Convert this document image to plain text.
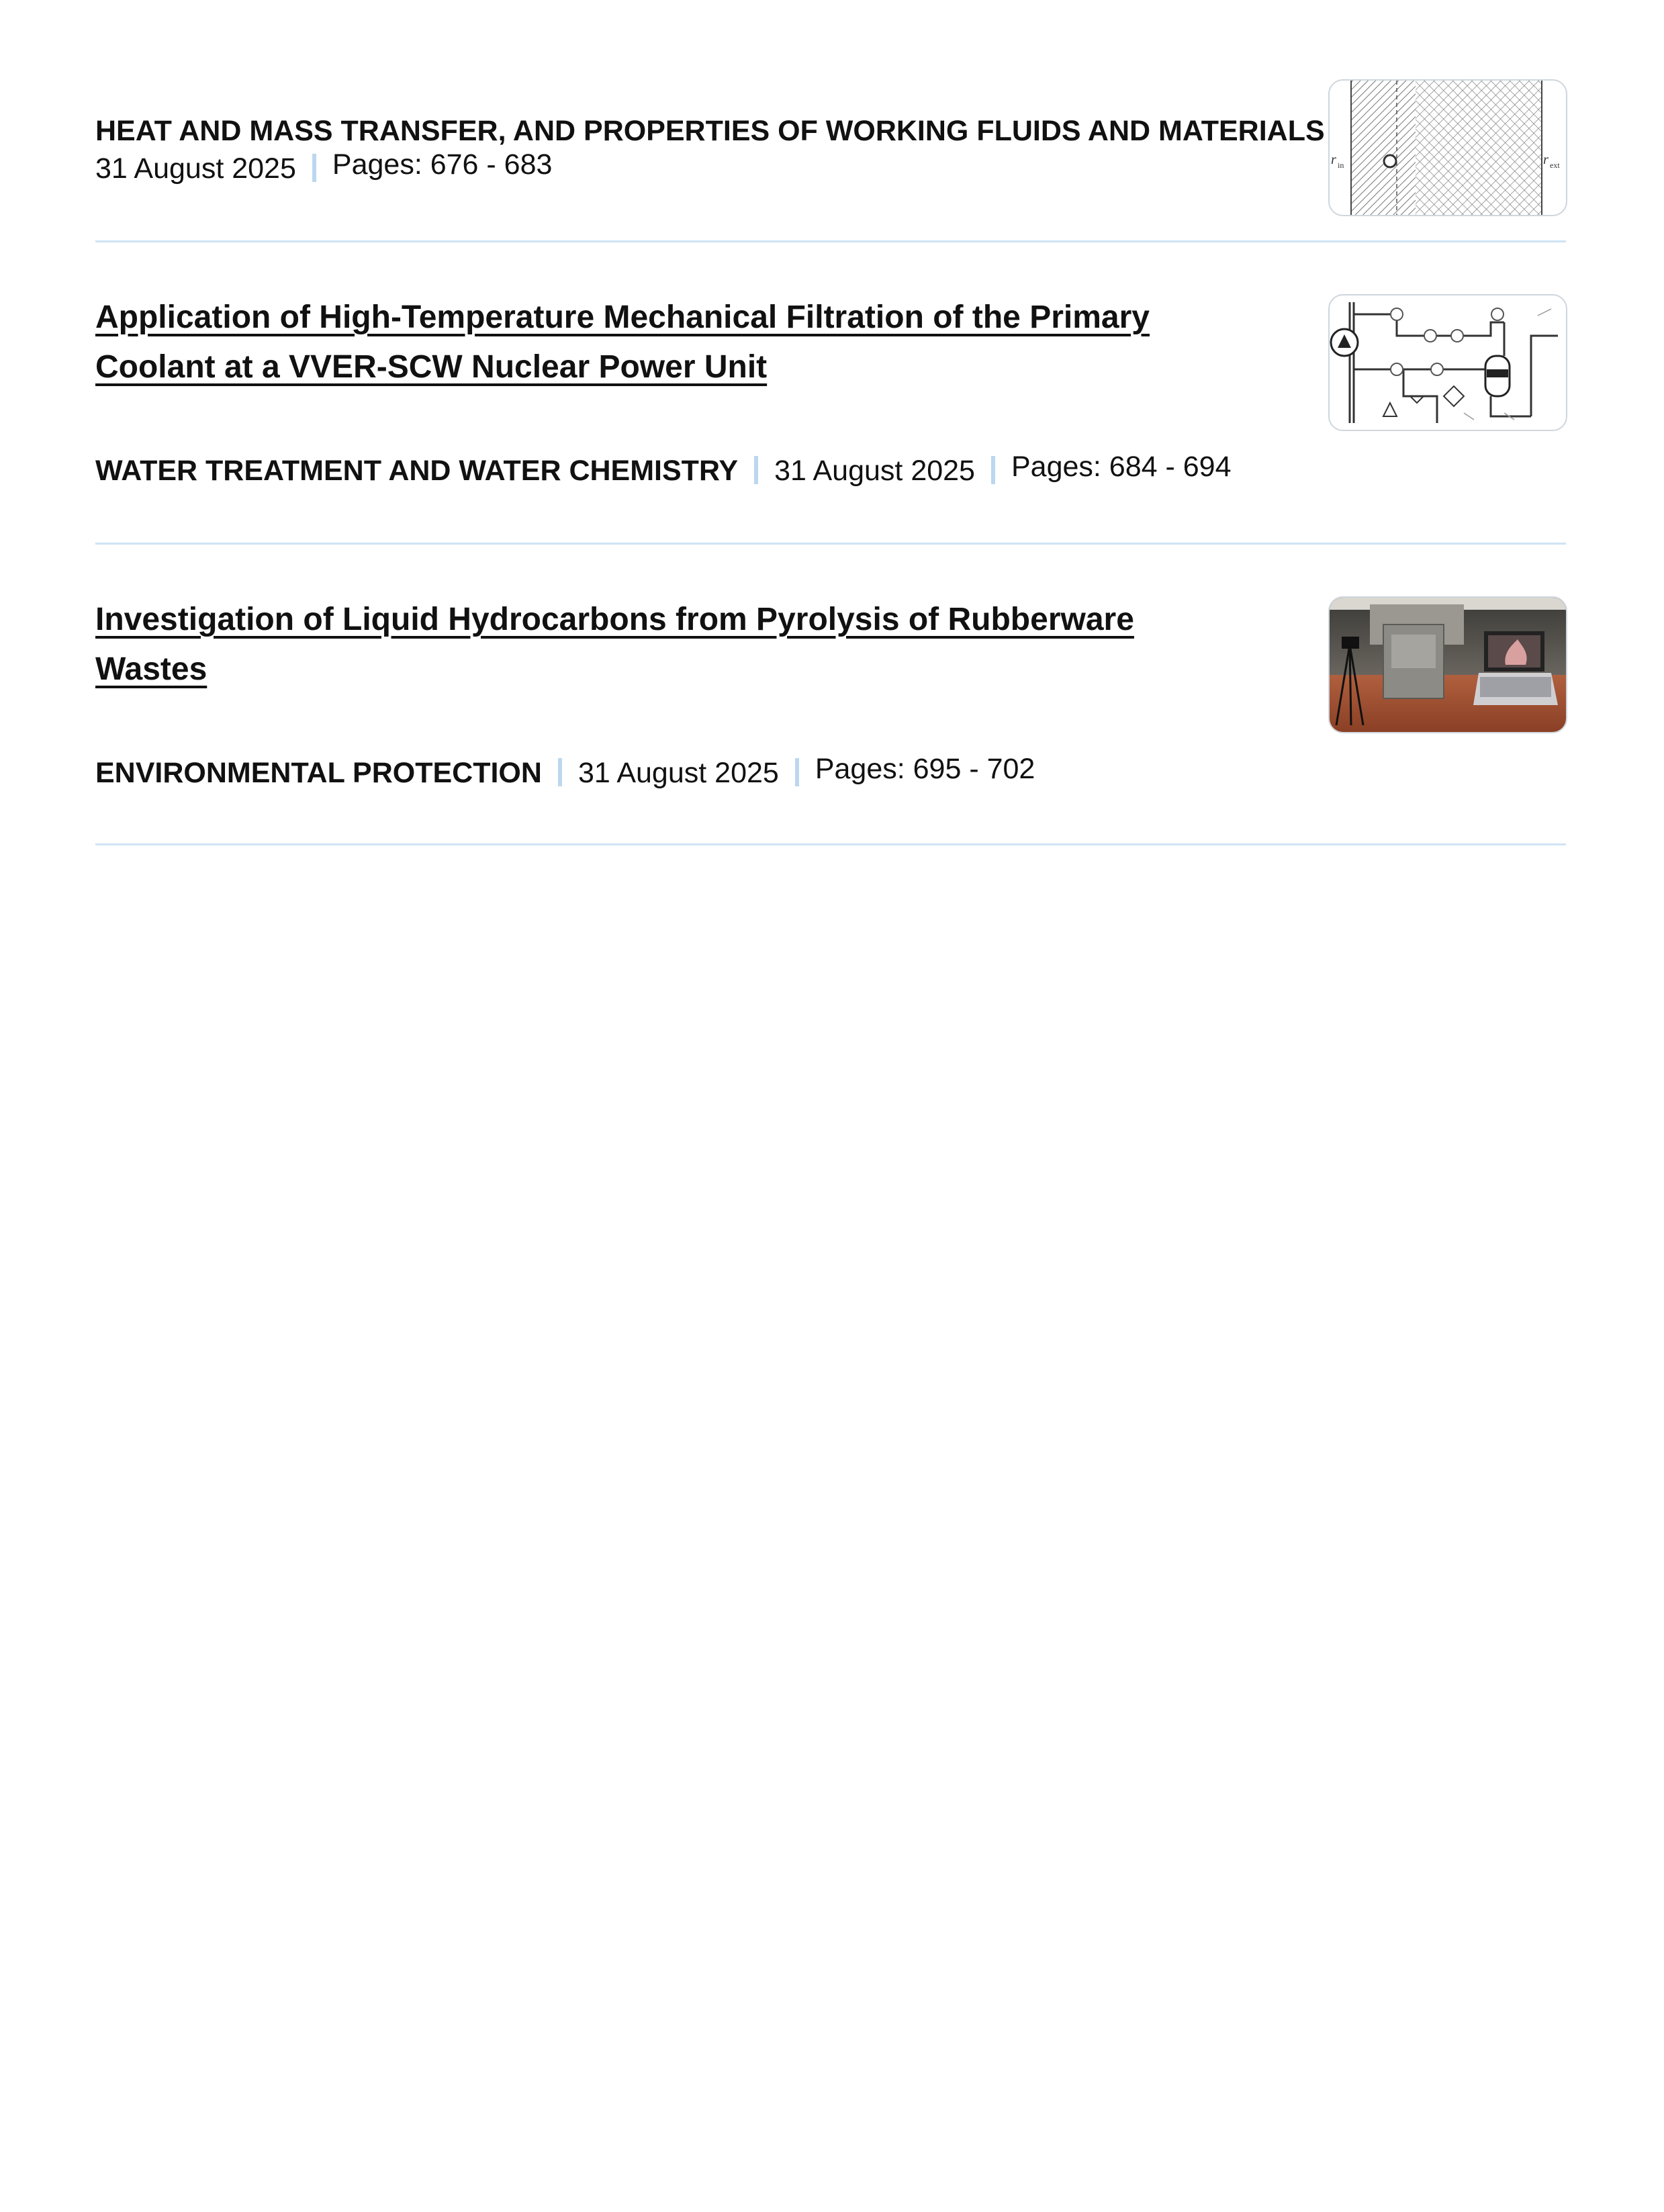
HEAT AND MASS TRANSFER, AND PROPERTIES OF WORKING FLUIDS AND MATERIALS
31 August 2025 Pages: 676 - 683	r in	r ext
Application of High-Temperature Mechanical Filtration of the Primary Coolant at a VVER-SCW Nuclear Power Unit
WATER TREATMENT AND WATER CHEMISTRY 31 August 2025 Pages: 684 - 694
Investigation of Liquid Hydrocarbons from Pyrolysis of Rubberware Wastes
ENVIRONMENTAL PROTECTION 31 August 2025 Pages: 695 - 702
